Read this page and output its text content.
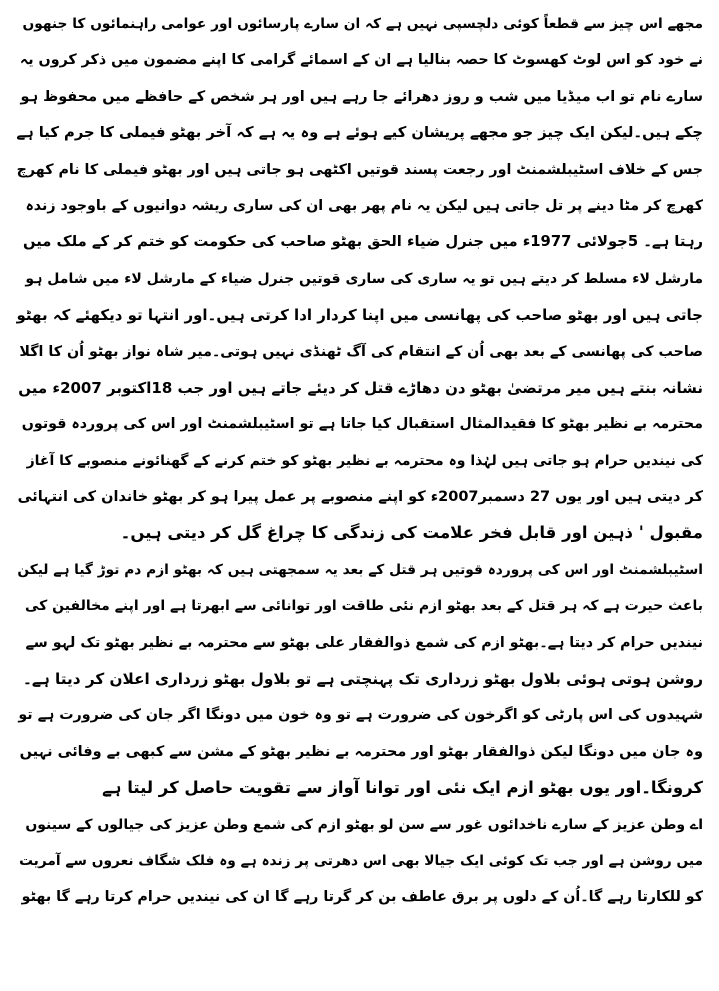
مجھے اس چیز سے قطعاً کوئی دلچسپی نہیں ہے کہ ان سارے پارسائوں اور عوامی راہنمائوں کا جنھوں
نے خود کو اس لوٹ کھسوٹ کا حصہ بنالیا ہے ان کے اسمائے گرامی کا اپنے مضمون میں ذکر کروں یہ
سارے نام تو اب میڈیا میں شب و روز دھرائے جا رہے ہیں اور ہر شخص کے حافظے میں محفوظ ہو
چکے ہیں۔لیکن ایک چیز جو مجھے پریشان کیے ہوئے ہے وہ یہ ہے کہ آخر بھٹو فیملی کا جرم کیا ہے
جس کے خلاف اسٹیبلشمنٹ اور رجعت پسند قوتیں اکٹھی ہو جاتی ہیں اور بھٹو فیملی کا نام کھرچ
کھرچ کر مٹا دینے پر تل جاتی ہیں لیکن یہ نام پھر بھی ان کی ساری ریشہ دوانیوں کے باوجود زندہ
رہتا ہے۔ 5جولائی 1977ء میں جنرل ضیاء الحق بھٹو صاحب کی حکومت کو ختم کر کے ملک میں
مارشل لاء مسلط کر دیتے ہیں تو یہ ساری کی ساری قوتیں جنرل ضیاء کے مارشل لاء میں شامل ہو
جاتی ہیں اور بھٹو صاحب کی پھانسی میں اپنا کردار ادا کرتی ہیں۔اور انتہا تو دیکھئے کہ بھٹو
صاحب کی پھانسی کے بعد بھی اُن کے انتقام کی آگ ٹھنڈی نہیں ہوتی۔میر شاہ نواز بھٹو اُن کا اگلا
نشانہ بنتے ہیں میر مرتضیٰ بھٹو دن دھاڑے قتل کر دیئے جاتے ہیں اور جب 18اکتوبر 2007ء میں
محترمہ بے نظیر بھٹو کا فقیدالمثال استقبال کیا جاتا ہے تو اسٹیبلشمنٹ اور اس کی پروردہ قوتوں
کی نیندیں حرام ہو جاتی ہیں لہٰذا وہ محترمہ بے نظیر بھٹو کو ختم کرنے کے گھنائونے منصوبے کا آغاز
کر دیتی ہیں اور یوں 27 دسمبر2007ء کو اپنے منصوبے پر عمل پیرا ہو کر بھٹو خاندان کی انتہائی
مقبول ' ذہین اور قابل فخر علامت کی زندگی کا چراغ گل کر دیتی ہیں۔
اسٹیبلشمنٹ اور اس کی پروردہ قوتیں ہر قتل کے بعد یہ سمجھتی ہیں کہ بھٹو ازم دم توڑ گیا ہے لیکن
باعث حیرت ہے کہ ہر قتل کے بعد بھٹو ازم نئی طاقت اور توانائی سے ابھرتا ہے اور اپنے مخالفین کی
نیندیں حرام کر دیتا ہے۔بھٹو ازم کی شمع ذوالفقار علی بھٹو سے محترمہ بے نظیر بھٹو تک لہو سے
روشن ہوتی ہوئی بلاول بھٹو زرداری تک پہنچتی ہے تو بلاول بھٹو زرداری اعلان کر دیتا ہے۔
شہیدوں کی اس پارٹی کو اگرخون کی ضرورت ہے تو وہ خون میں دونگا اگر جان کی ضرورت ہے تو
وہ جان میں دونگا لیکن ذوالفقار بھٹو اور محترمہ بے نظیر بھٹو کے مشن سے کبھی بے وفائی نہیں
کرونگا۔اور یوں بھٹو ازم ایک نئی اور توانا آواز سے تقویت حاصل کر لیتا ہے
اے وطن عزیز کے سارے ناخدائوں غور سے سن لو بھٹو ازم کی شمع وطن عزیز کی جیالوں کے سینوں
میں روشن ہے اور جب تک کوئی ایک جیالا بھی اس دھرتی پر زندہ ہے وہ فلک شگاف نعروں سے آمریت
کو للکارتا رہے گا۔اُن کے دلوں پر برق عاطف بن کر گرتا رہے گا ان کی نیندیں حرام کرتا رہے گا بھٹو
